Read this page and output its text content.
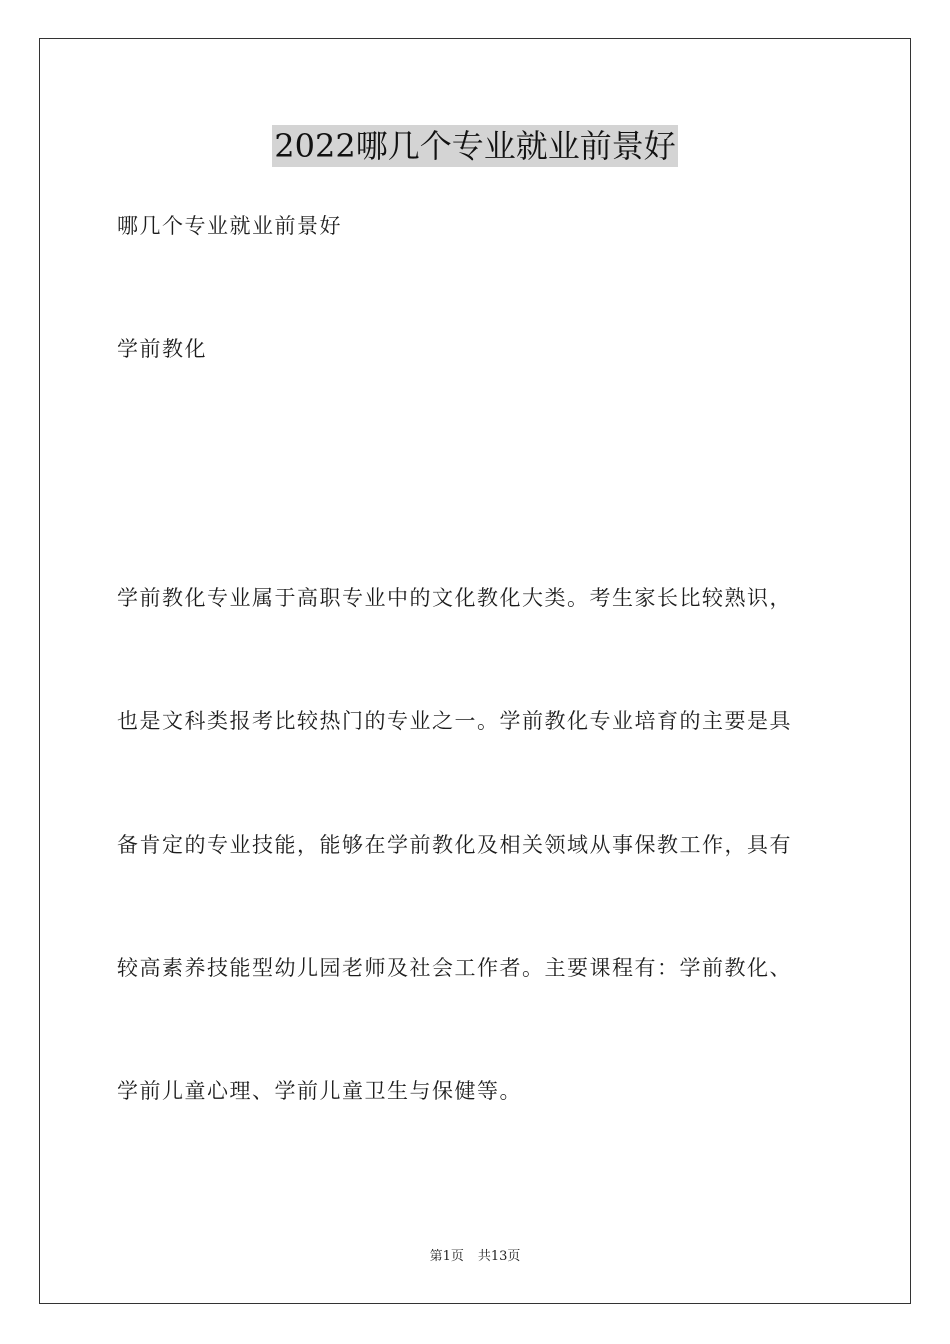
2022哪几个专业就业前景好
哪几个专业就业前景好
学前教化
学前教化专业属于高职专业中的文化教化大类。考生家长比较熟识，
也是文科类报考比较热门的专业之一。学前教化专业培育的主要是具
备肯定的专业技能，能够在学前教化及相关领域从事保教工作，具有
较高素养技能型幼儿园老师及社会工作者。主要课程有：学前教化、
学前儿童心理、学前儿童卫生与保健等。
第1页 共13页
